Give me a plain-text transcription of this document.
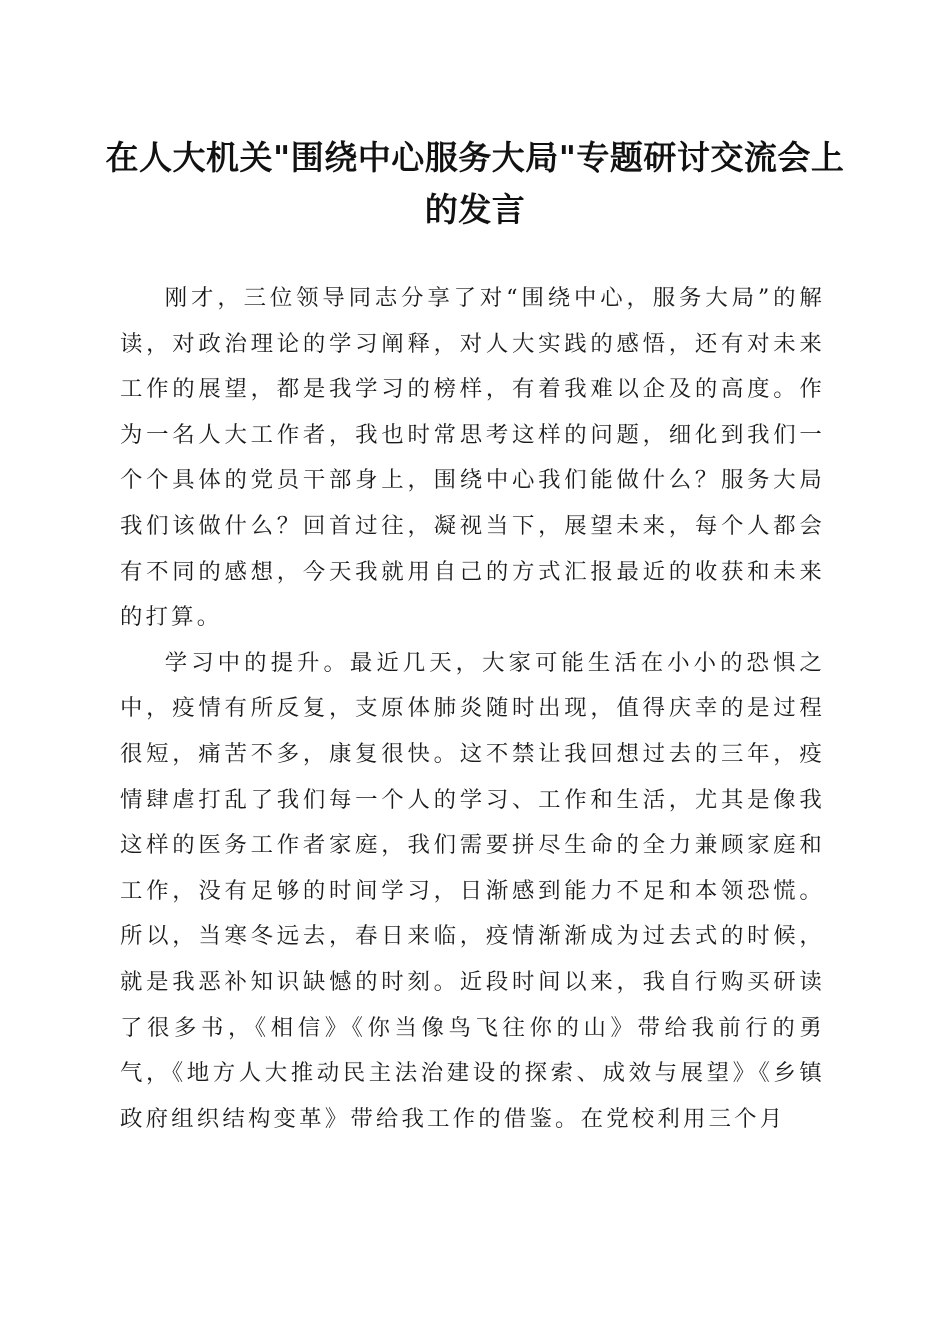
在人大机关"围绕中心服务大局"专题研讨交流会上的发言

刚才，三位领导同志分享了对“围绕中心，服务大局”的解读，对政治理论的学习阐释，对人大实践的感悟，还有对未来工作的展望，都是我学习的榜样，有着我难以企及的高度。作为一名人大工作者，我也时常思考这样的问题，细化到我们一个个具体的党员干部身上，围绕中心我们能做什么？服务大局我们该做什么？回首过往，凝视当下，展望未来，每个人都会有不同的感想，今天我就用自己的方式汇报最近的收获和未来的打算。

学习中的提升。最近几天，大家可能生活在小小的恐惧之中，疫情有所反复，支原体肺炎随时出现，值得庆幸的是过程很短，痛苦不多，康复很快。这不禁让我回想过去的三年，疫情肆虐打乱了我们每一个人的学习、工作和生活，尤其是像我这样的医务工作者家庭，我们需要拼尽生命的全力兼顾家庭和工作，没有足够的时间学习，日渐感到能力不足和本领恐慌。所以，当寒冬远去，春日来临，疫情渐渐成为过去式的时候，就是我恶补知识缺憾的时刻。近段时间以来，我自行购买研读了很多书，《相信》《你当像鸟飞往你的山》带给我前行的勇气，《地方人大推动民主法治建设的探索、成效与展望》《乡镇政府组织结构变革》带给我工作的借鉴。在党校利用三个月
